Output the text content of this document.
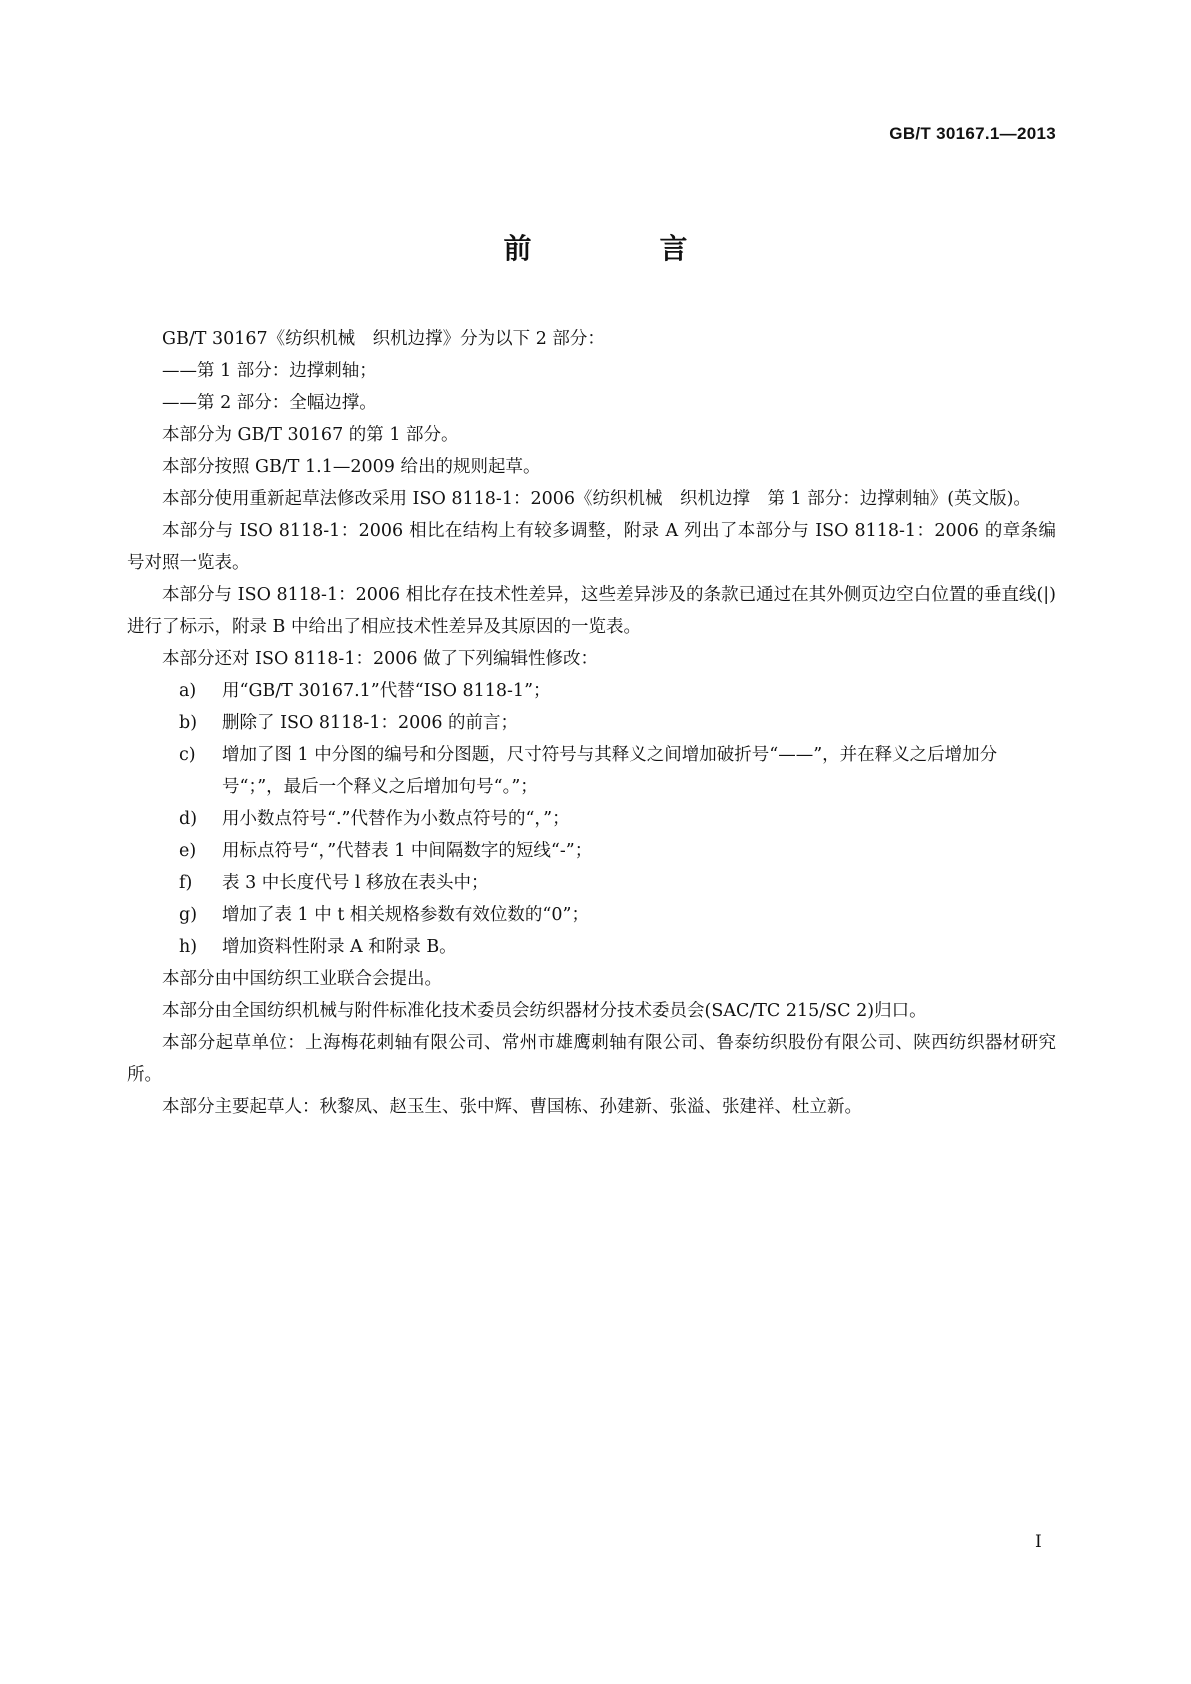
GB/T 30167.1—2013
前　言

GB/T 30167《纺织机械　织机边撑》分为以下 2 部分：

——第 1 部分：边撑刺轴；

——第 2 部分：全幅边撑。

本部分为 GB/T 30167 的第 1 部分。

本部分按照 GB/T 1.1—2009 给出的规则起草。

本部分使用重新起草法修改采用 ISO 8118-1：2006《纺织机械　织机边撑　第 1 部分：边撑刺轴》(英文版)。

本部分与 ISO 8118-1：2006 相比在结构上有较多调整，附录 A 列出了本部分与 ISO 8118-1：2006 的章条编号对照一览表。

本部分与 ISO 8118-1：2006 相比存在技术性差异，这些差异涉及的条款已通过在其外侧页边空白位置的垂直线(|)进行了标示，附录 B 中给出了相应技术性差异及其原因的一览表。

本部分还对 ISO 8118-1：2006 做了下列编辑性修改：

a) 用“GB/T 30167.1”代替“ISO 8118-1”；
b) 删除了 ISO 8118-1：2006 的前言；
c) 增加了图 1 中分图的编号和分图题，尺寸符号与其释义之间增加破折号“——”，并在释义之后增加分号“；”，最后一个释义之后增加句号“。”；
d) 用小数点符号“.”代替作为小数点符号的“，”；
e) 用标点符号“，”代替表 1 中间隔数字的短线“-”；
f) 表 3 中长度代号 l 移放在表头中；
g) 增加了表 1 中 t 相关规格参数有效位数的“0”；
h) 增加资料性附录 A 和附录 B。

本部分由中国纺织工业联合会提出。

本部分由全国纺织机械与附件标准化技术委员会纺织器材分技术委员会(SAC/TC 215/SC 2)归口。

本部分起草单位：上海梅花刺轴有限公司、常州市雄鹰刺轴有限公司、鲁泰纺织股份有限公司、陕西纺织器材研究所。

本部分主要起草人：秋黎凤、赵玉生、张中辉、曹国栋、孙建新、张溢、张建祥、杜立新。

I
